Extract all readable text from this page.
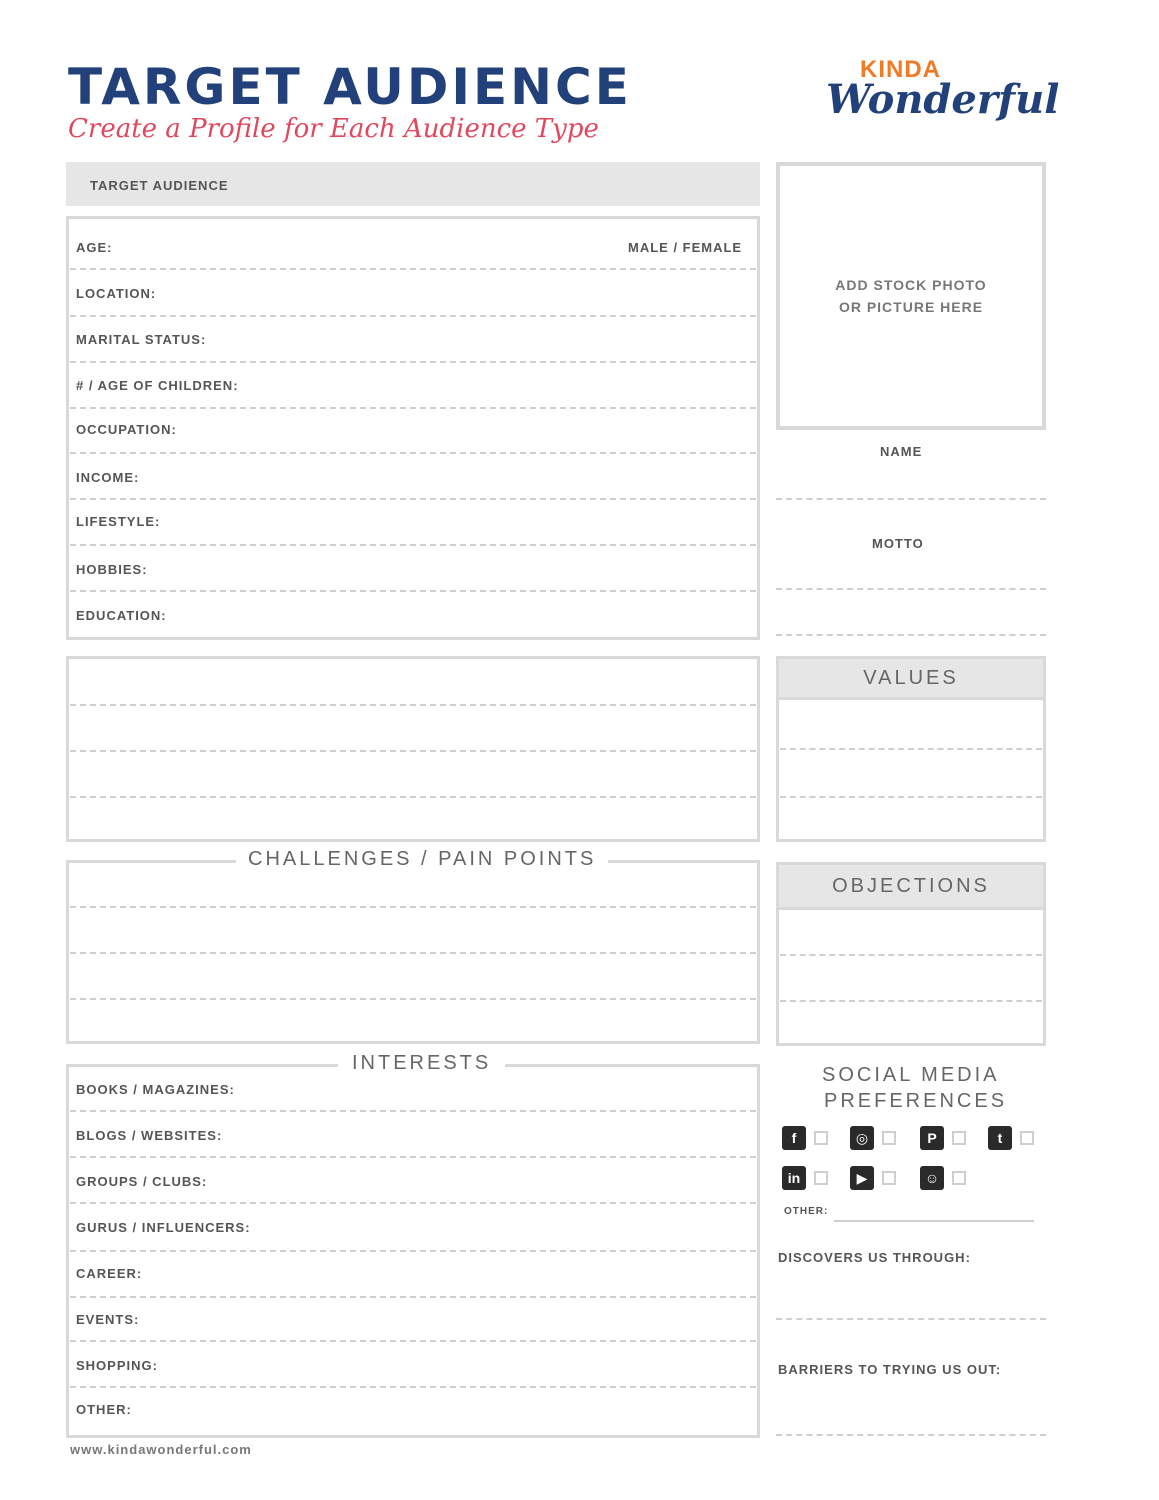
TARGET AUDIENCE
Create a Profile for Each Audience Type
KINDA
Wonderful
TARGET AUDIENCE
AGE:	MALE / FEMALE
LOCATION:
MARITAL STATUS:
# / AGE OF CHILDREN:
OCCUPATION:
INCOME:
LIFESTYLE:
HOBBIES:
EDUCATION:
ADD STOCK PHOTO
OR PICTURE HERE
NAME
MOTTO
VALUES
CHALLENGES / PAIN POINTS
OBJECTIONS
INTERESTS
BOOKS / MAGAZINES:
BLOGS / WEBSITES:
GROUPS / CLUBS:
GURUS / INFLUENCERS:
CAREER:
EVENTS:
SHOPPING:
OTHER:
SOCIAL MEDIA
PREFERENCES
f	◎	P	t
in	▶	☺
OTHER:
DISCOVERS US THROUGH:
BARRIERS TO TRYING US OUT:
www.kindawonderful.com
